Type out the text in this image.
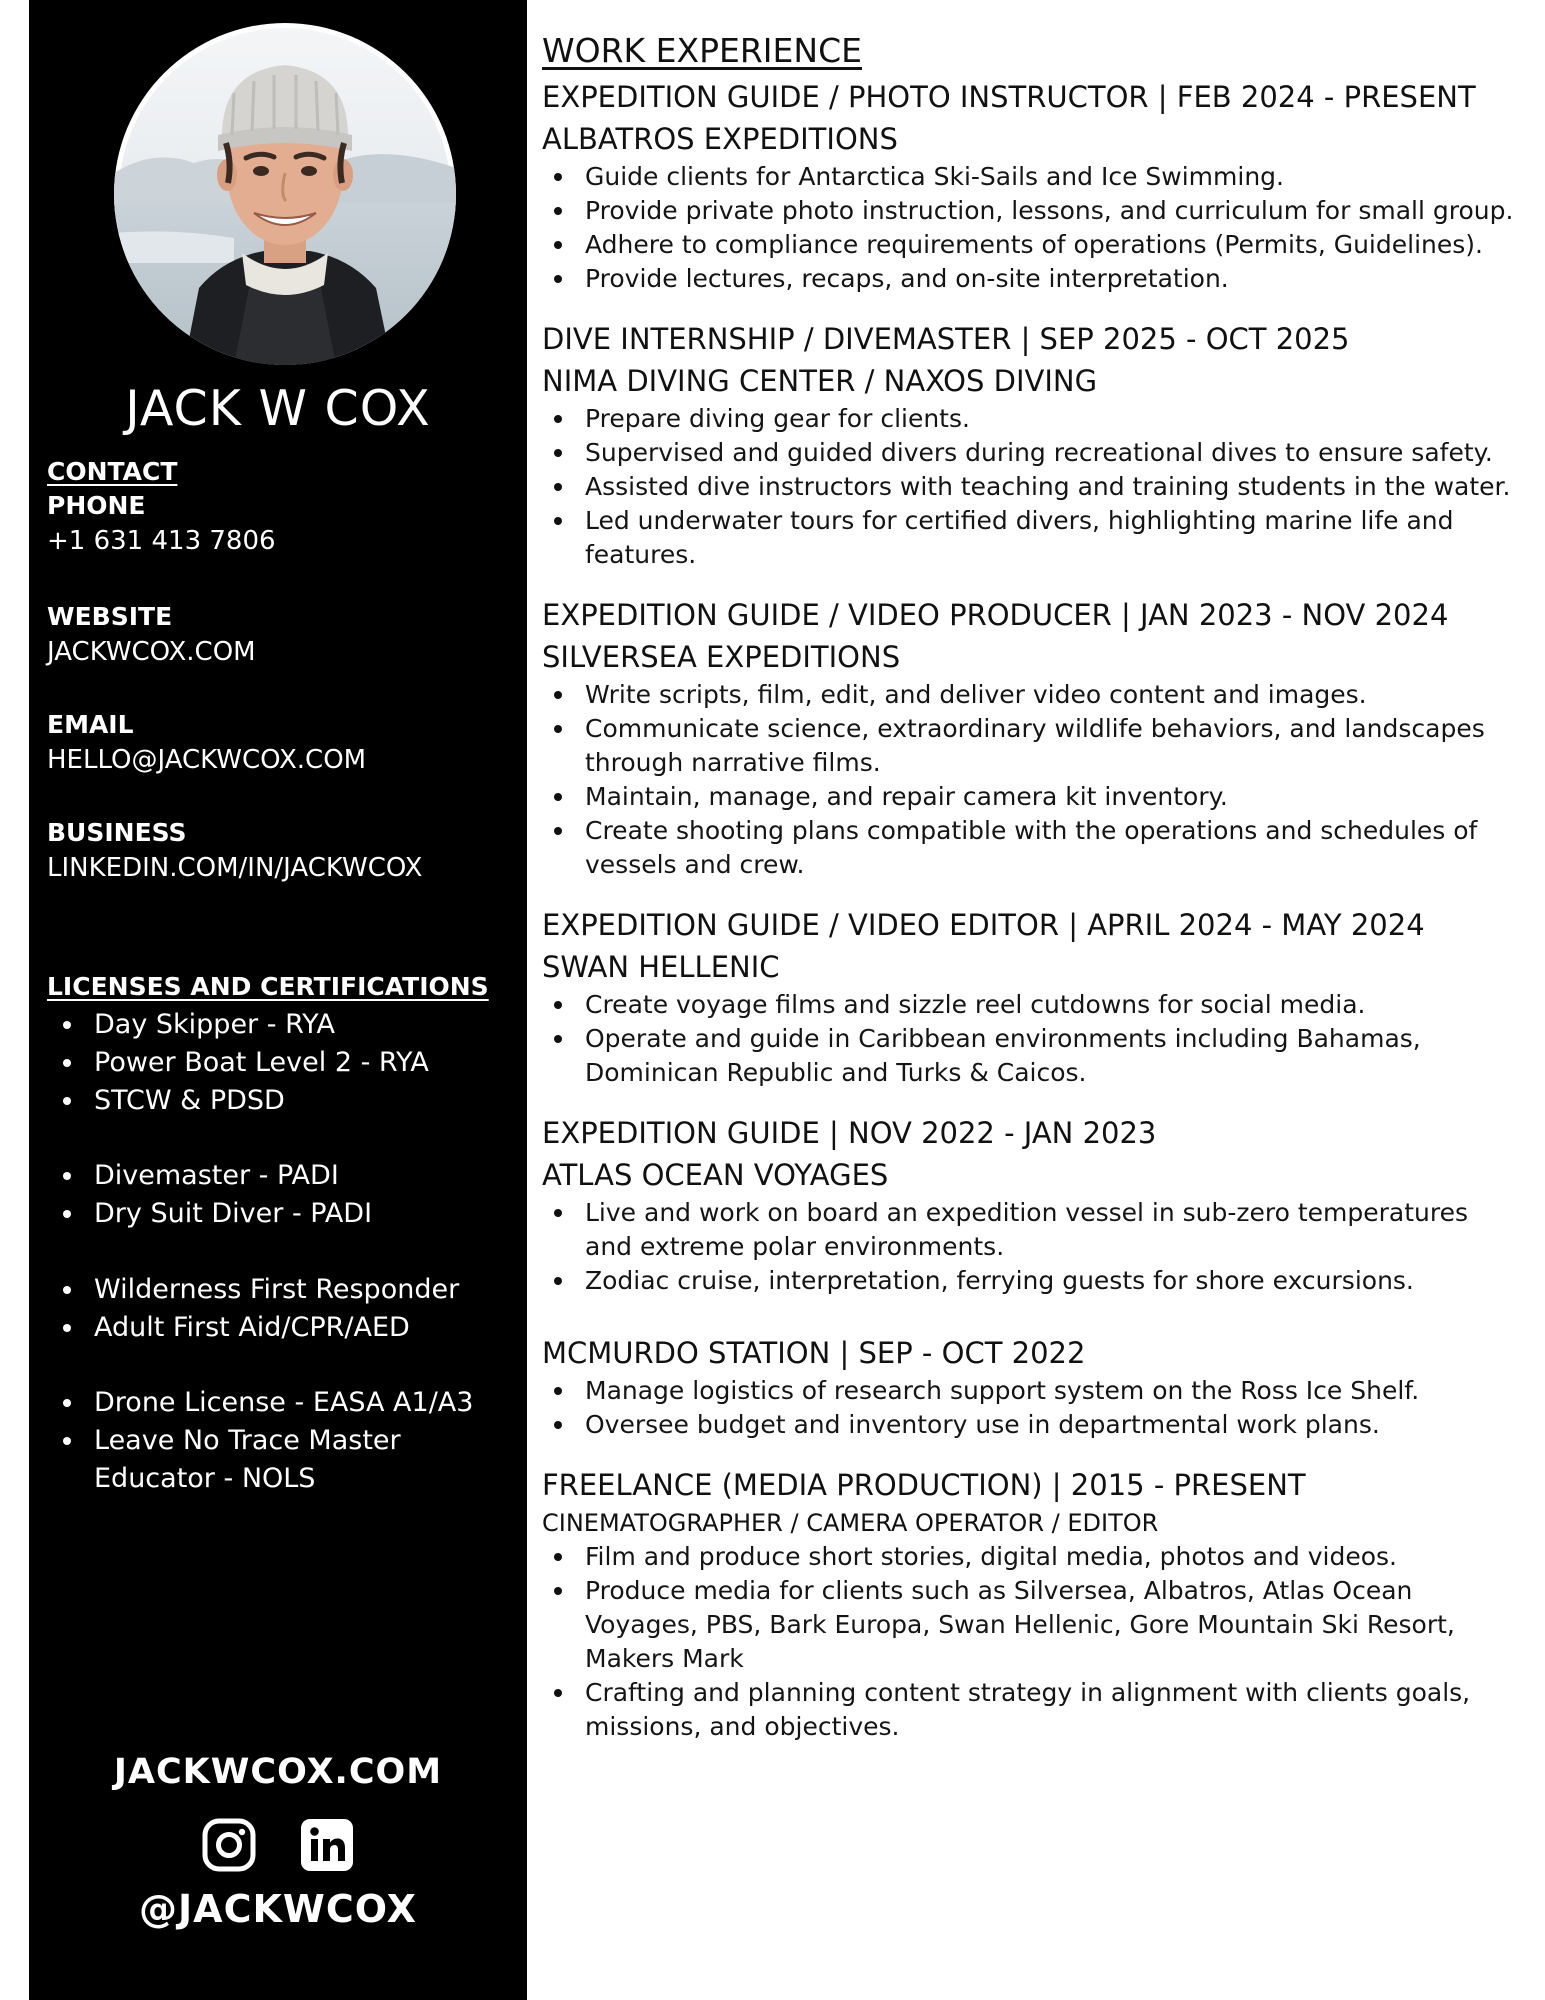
JACK W COX
CONTACT
PHONE
+1 631 413 7806
WEBSITE
JACKWCOX.COM
EMAIL
HELLO@JACKWCOX.COM
BUSINESS
LINKEDIN.COM/IN/JACKWCOX
LICENSES AND CERTIFICATIONS
Day Skipper - RYA
Power Boat Level 2 - RYA
STCW & PDSD
Divemaster - PADI
Dry Suit Diver - PADI
Wilderness First Responder
Adult First Aid/CPR/AED
Drone License - EASA A1/A3
Leave No Trace Master Educator - NOLS
JACKWCOX.COM
@JACKWCOX
WORK EXPERIENCE
EXPEDITION GUIDE / PHOTO INSTRUCTOR | FEB 2024 - PRESENT
ALBATROS EXPEDITIONS
Guide clients for Antarctica Ski-Sails and Ice Swimming.
Provide private photo instruction, lessons, and curriculum for small group.
Adhere to compliance requirements of operations (Permits, Guidelines).
Provide lectures, recaps, and on-site interpretation.
DIVE INTERNSHIP / DIVEMASTER | SEP 2025 - OCT 2025
NIMA DIVING CENTER / NAXOS DIVING
Prepare diving gear for clients.
Supervised and guided divers during recreational dives to ensure safety.
Assisted dive instructors with teaching and training students in the water.
Led underwater tours for certified divers, highlighting marine life and features.
EXPEDITION GUIDE / VIDEO PRODUCER | JAN 2023 - NOV 2024
SILVERSEA EXPEDITIONS
Write scripts, film, edit, and deliver video content and images.
Communicate science, extraordinary wildlife behaviors, and landscapes through narrative films.
Maintain, manage, and repair camera kit inventory.
Create shooting plans compatible with the operations and schedules of vessels and crew.
EXPEDITION GUIDE / VIDEO EDITOR | APRIL 2024 - MAY 2024
SWAN HELLENIC
Create voyage films and sizzle reel cutdowns for social media.
Operate and guide in Caribbean environments including Bahamas, Dominican Republic and Turks & Caicos.
EXPEDITION GUIDE | NOV 2022 - JAN 2023
ATLAS OCEAN VOYAGES
Live and work on board an expedition vessel in sub-zero temperatures and extreme polar environments.
Zodiac cruise, interpretation, ferrying guests for shore excursions.
MCMURDO STATION | SEP - OCT 2022
Manage logistics of research support system on the Ross Ice Shelf.
Oversee budget and inventory use in departmental work plans.
FREELANCE (MEDIA PRODUCTION) | 2015 - PRESENT
CINEMATOGRAPHER / CAMERA OPERATOR / EDITOR
Film and produce short stories, digital media, photos and videos.
Produce media for clients such as Silversea, Albatros, Atlas Ocean Voyages, PBS, Bark Europa, Swan Hellenic, Gore Mountain Ski Resort, Makers Mark
Crafting and planning content strategy in alignment with clients goals, missions, and objectives.
